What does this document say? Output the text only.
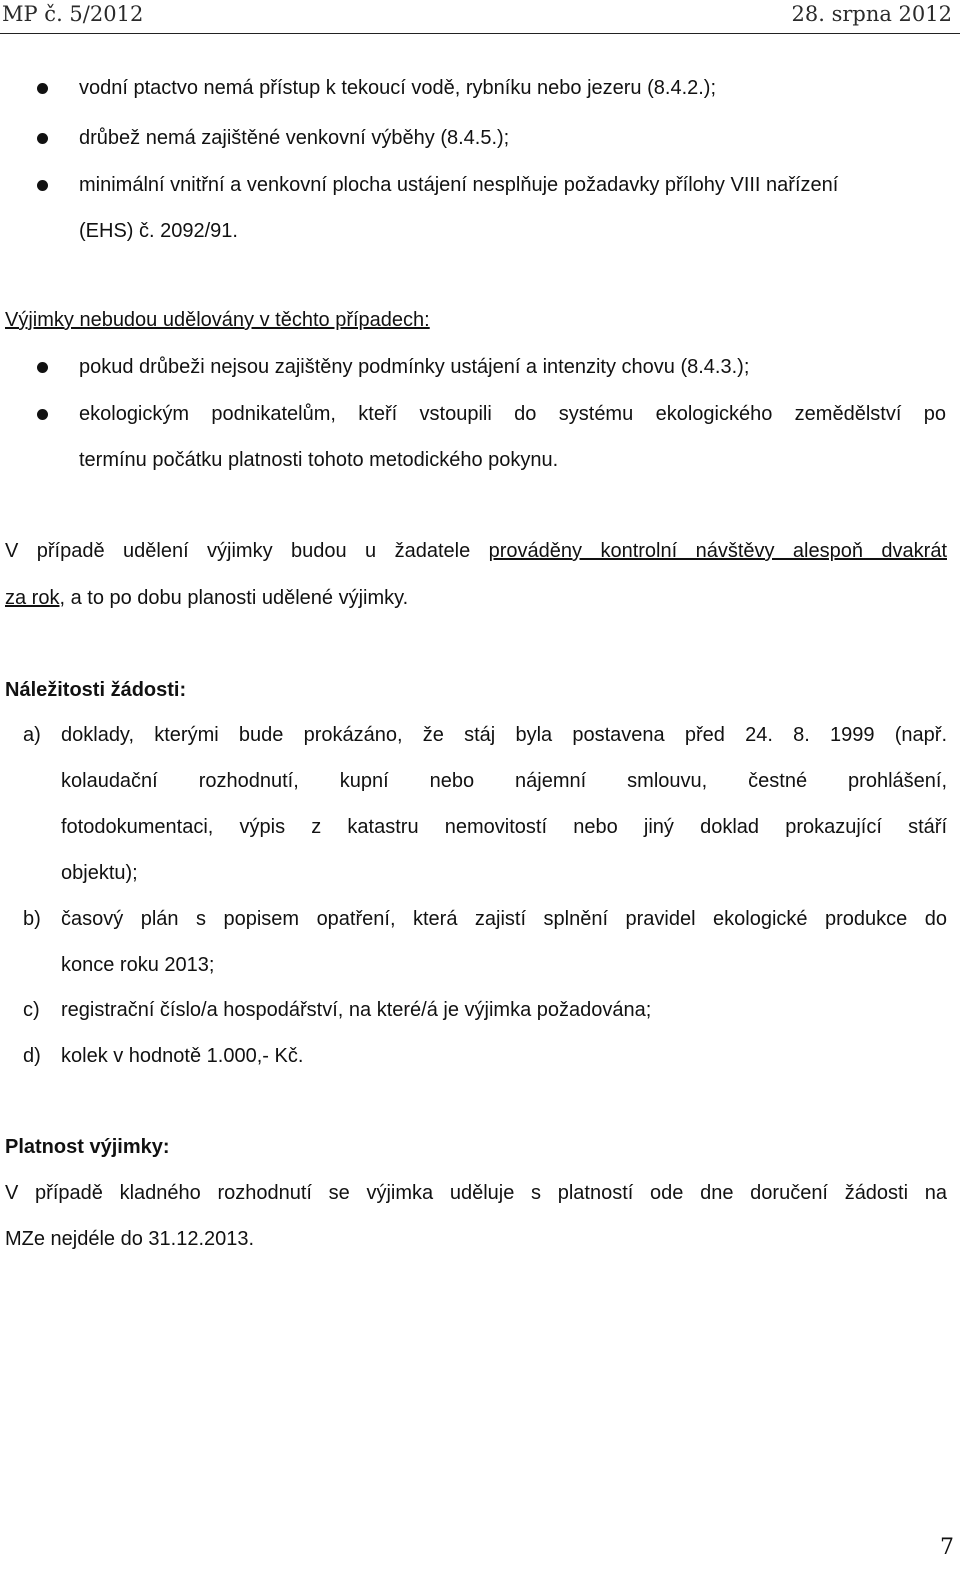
MP č. 5/2012	28. srpna 2012
vodní ptactvo nemá přístup k tekoucí vodě, rybníku nebo jezeru (8.4.2.);
drůbež nemá zajištěné venkovní výběhy (8.4.5.);
minimální vnitřní a venkovní plocha ustájení nesplňuje požadavky přílohy VIII nařízení
(EHS) č. 2092/91.
Výjimky nebudou udělovány v těchto případech:
pokud drůbeži nejsou zajištěny podmínky ustájení a intenzity chovu (8.4.3.);
ekologickým podnikatelům, kteří vstoupili do systému ekologického zemědělství po
termínu počátku platnosti tohoto metodického pokynu.
V případě udělení výjimky budou u žadatele prováděny kontrolní návštěvy alespoň dvakrát
za rok, a to po dobu planosti udělené výjimky.
Náležitosti žádosti:
a) doklady, kterými bude prokázáno, že stáj byla postavena před 24. 8. 1999 (např.
kolaudační rozhodnutí, kupní nebo nájemní smlouvu, čestné prohlášení,
fotodokumentaci, výpis z katastru nemovitostí nebo jiný doklad prokazující stáří
objektu);
b) časový plán s popisem opatření, která zajistí splnění pravidel ekologické produkce do
konce roku 2013;
c) registrační číslo/a hospodářství, na které/á je výjimka požadována;
d) kolek v hodnotě 1.000,- Kč.
Platnost výjimky:
V případě kladného rozhodnutí se výjimka uděluje s platností ode dne doručení žádosti na
MZe nejdéle do 31.12.2013.
7
